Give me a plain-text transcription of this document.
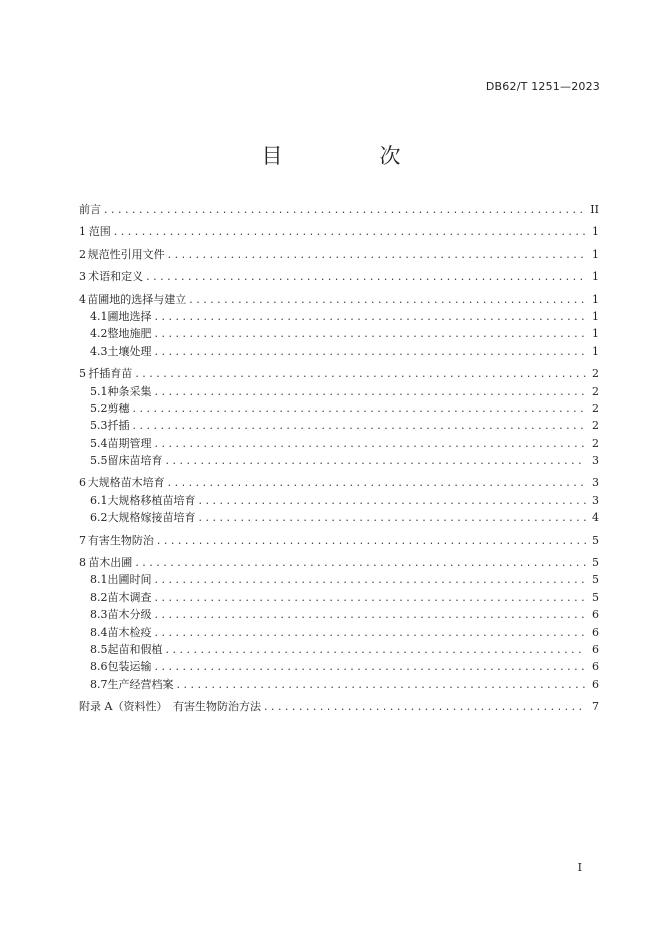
DB62/T 1251—2023
目　次
前言 . . .	II
1 范围 . . .	1
2 规范性引用文件 . . .	1
3 术语和定义 . . .	1
4 苗圃地的选择与建立 . . .	1
4.1 圃地选择 . . .	1
4.2 整地施肥 . . .	1
4.3 土壤处理 . . .	1
5 扦插育苗 . . .	2
5.1 种条采集 . . .	2
5.2 剪穗 . . .	2
5.3 扦插 . . .	2
5.4 苗期管理 . . .	2
5.5 留床苗培育 . . .	3
6 大规格苗木培育 . . .	3
6.1 大规格移植苗培育 . . .	3
6.2 大规格嫁接苗培育 . . .	4
7 有害生物防治 . . .	5
8 苗木出圃 . . .	5
8.1 出圃时间 . . .	5
8.2 苗木调查 . . .	5
8.3 苗木分级 . . .	6
8.4 苗木检疫 . . .	6
8.5 起苗和假植 . . .	6
8.6 包装运输 . . .	6
8.7 生产经营档案 . . .	6
附录 A（资料性）　有害生物防治方法 . . .	7
I
